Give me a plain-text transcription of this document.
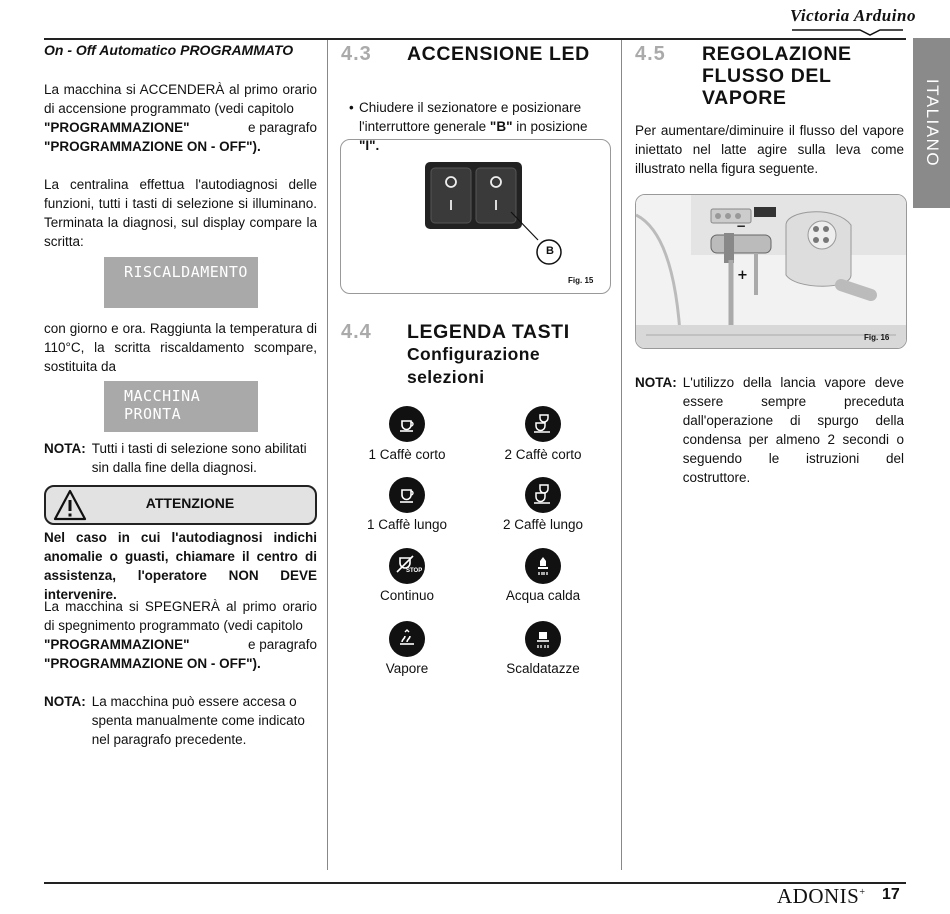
Victoria Arduino
ITALIANO
On - Off Automatico PROGRAMMATO
La macchina si ACCENDERÀ al primo orario di accensione programmato (vedi capitolo
"PROGRAMMAZIONE"	e paragrafo
"PROGRAMMAZIONE ON - OFF").
La centralina effettua l'autodiagnosi delle funzioni, tutti i tasti di selezione si illuminano. Terminata la diagnosi, sul display compare la scritta:
RISCALDAMENTO
con giorno e ora. Raggiunta la temperatura di 110°C, la scritta riscaldamento scompare, sostituita da
MACCHINA PRONTA
NOTA: Tutti i tasti di selezione sono abilitati sin dalla fine della diagnosi.
ATTENZIONE
Nel caso in cui l'autodiagnosi indichi anomalie o guasti, chiamare il centro di assistenza, l'operatore NON DEVE intervenire.
La macchina si SPEGNERÀ al primo orario di spegnimento programmato (vedi capitolo
"PROGRAMMAZIONE"	e paragrafo
"PROGRAMMAZIONE ON - OFF").
NOTA: La macchina può essere accesa o spenta manualmente come indicato nel paragrafo precedente.
4.3 ACCENSIONE LED
• Chiudere il sezionatore e posizionare l'interruttore generale "B" in posizione "I".
B
Fig. 15
4.4 LEGENDA TASTI
Configurazione
selezioni
1 Caffè corto	2 Caffè corto
1 Caffè lungo	2 Caffè lungo
STOP
Continuo	Acqua calda
Vapore	Scaldatazze
4.5 REGOLAZIONE
FLUSSO DEL
VAPORE
Per aumentare/diminuire il flusso del vapore iniettato nel latte agire sulla leva come illustrato nella figura seguente.
−
+
Fig. 16
NOTA: L'utilizzo della lancia vapore deve essere sempre preceduta dall'operazione di spurgo della condensa per almeno 2 secondi o seguendo le istruzioni del costruttore.
ADONIS+ 17
